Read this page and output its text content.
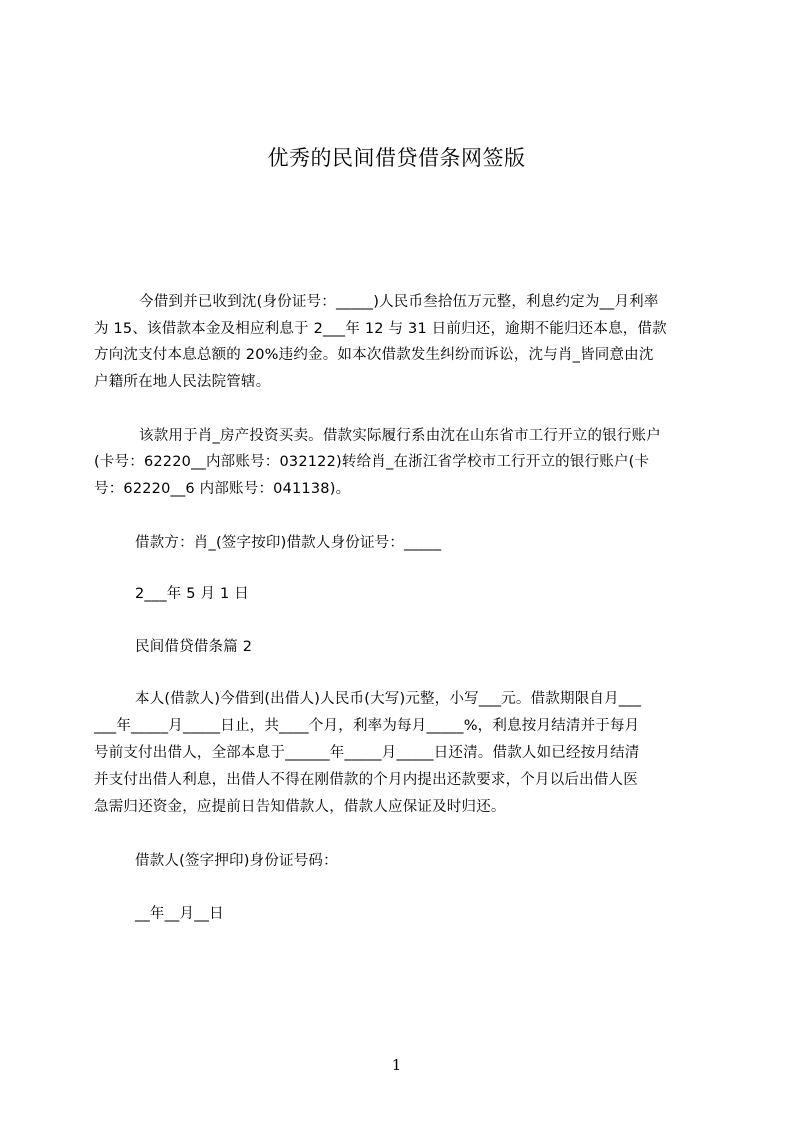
优秀的民间借贷借条网签版
今借到并已收到沈(身份证号：_____)人民币叁拾伍万元整，利息约定为__月利率
为 15、该借款本金及相应利息于 2___年 12 与 31 日前归还，逾期不能归还本息，借款
方向沈支付本息总额的 20%违约金。如本次借款发生纠纷而诉讼，沈与肖_皆同意由沈
户籍所在地人民法院管辖。
该款用于肖_房产投资买卖。借款实际履行系由沈在山东省市工行开立的银行账户
(卡号：62220__内部账号：032122)转给肖_在浙江省学校市工行开立的银行账户(卡
号：62220__6 内部账号：041138)。
借款方：肖_(签字按印)借款人身份证号：_____
2___年 5 月 1 日
民间借贷借条篇 2
本人(借款人)今借到(出借人)人民币(大写)元整，小写___元。借款期限自月___
___年_____月_____日止，共____个月，利率为每月_____%，利息按月结清并于每月
号前支付出借人，全部本息于______年_____月_____日还清。借款人如已经按月结清
并支付出借人利息，出借人不得在刚借款的个月内提出还款要求，个月以后出借人医
急需归还资金，应提前日告知借款人，借款人应保证及时归还。
借款人(签字押印)身份证号码：
__年__月__日
1
